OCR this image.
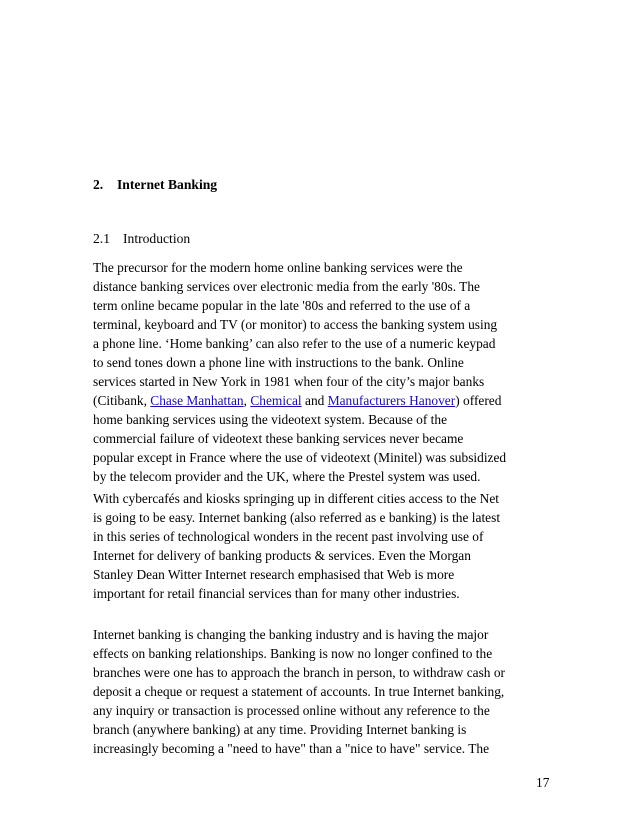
2. Internet Banking
2.1 Introduction
The precursor for the modern home online banking services were the
distance banking services over electronic media from the early '80s. The
term online became popular in the late '80s and referred to the use of a
terminal, keyboard and TV (or monitor) to access the banking system using
a phone line. ‘Home banking’ can also refer to the use of a numeric keypad
to send tones down a phone line with instructions to the bank. Online
services started in New York in 1981 when four of the city’s major banks
(Citibank, Chase Manhattan, Chemical and Manufacturers Hanover) offered
home banking services using the videotext system. Because of the
commercial failure of videotext these banking services never became
popular except in France where the use of videotext (Minitel) was subsidized
by the telecom provider and the UK, where the Prestel system was used.
With cybercafés and kiosks springing up in different cities access to the Net
is going to be easy. Internet banking (also referred as e banking) is the latest
in this series of technological wonders in the recent past involving use of
Internet for delivery of banking products & services. Even the Morgan
Stanley Dean Witter Internet research emphasised that Web is more
important for retail financial services than for many other industries.
Internet banking is changing the banking industry and is having the major
effects on banking relationships. Banking is now no longer confined to the
branches were one has to approach the branch in person, to withdraw cash or
deposit a cheque or request a statement of accounts. In true Internet banking,
any inquiry or transaction is processed online without any reference to the
branch (anywhere banking) at any time. Providing Internet banking is
increasingly becoming a "need to have" than a "nice to have" service. The
17
